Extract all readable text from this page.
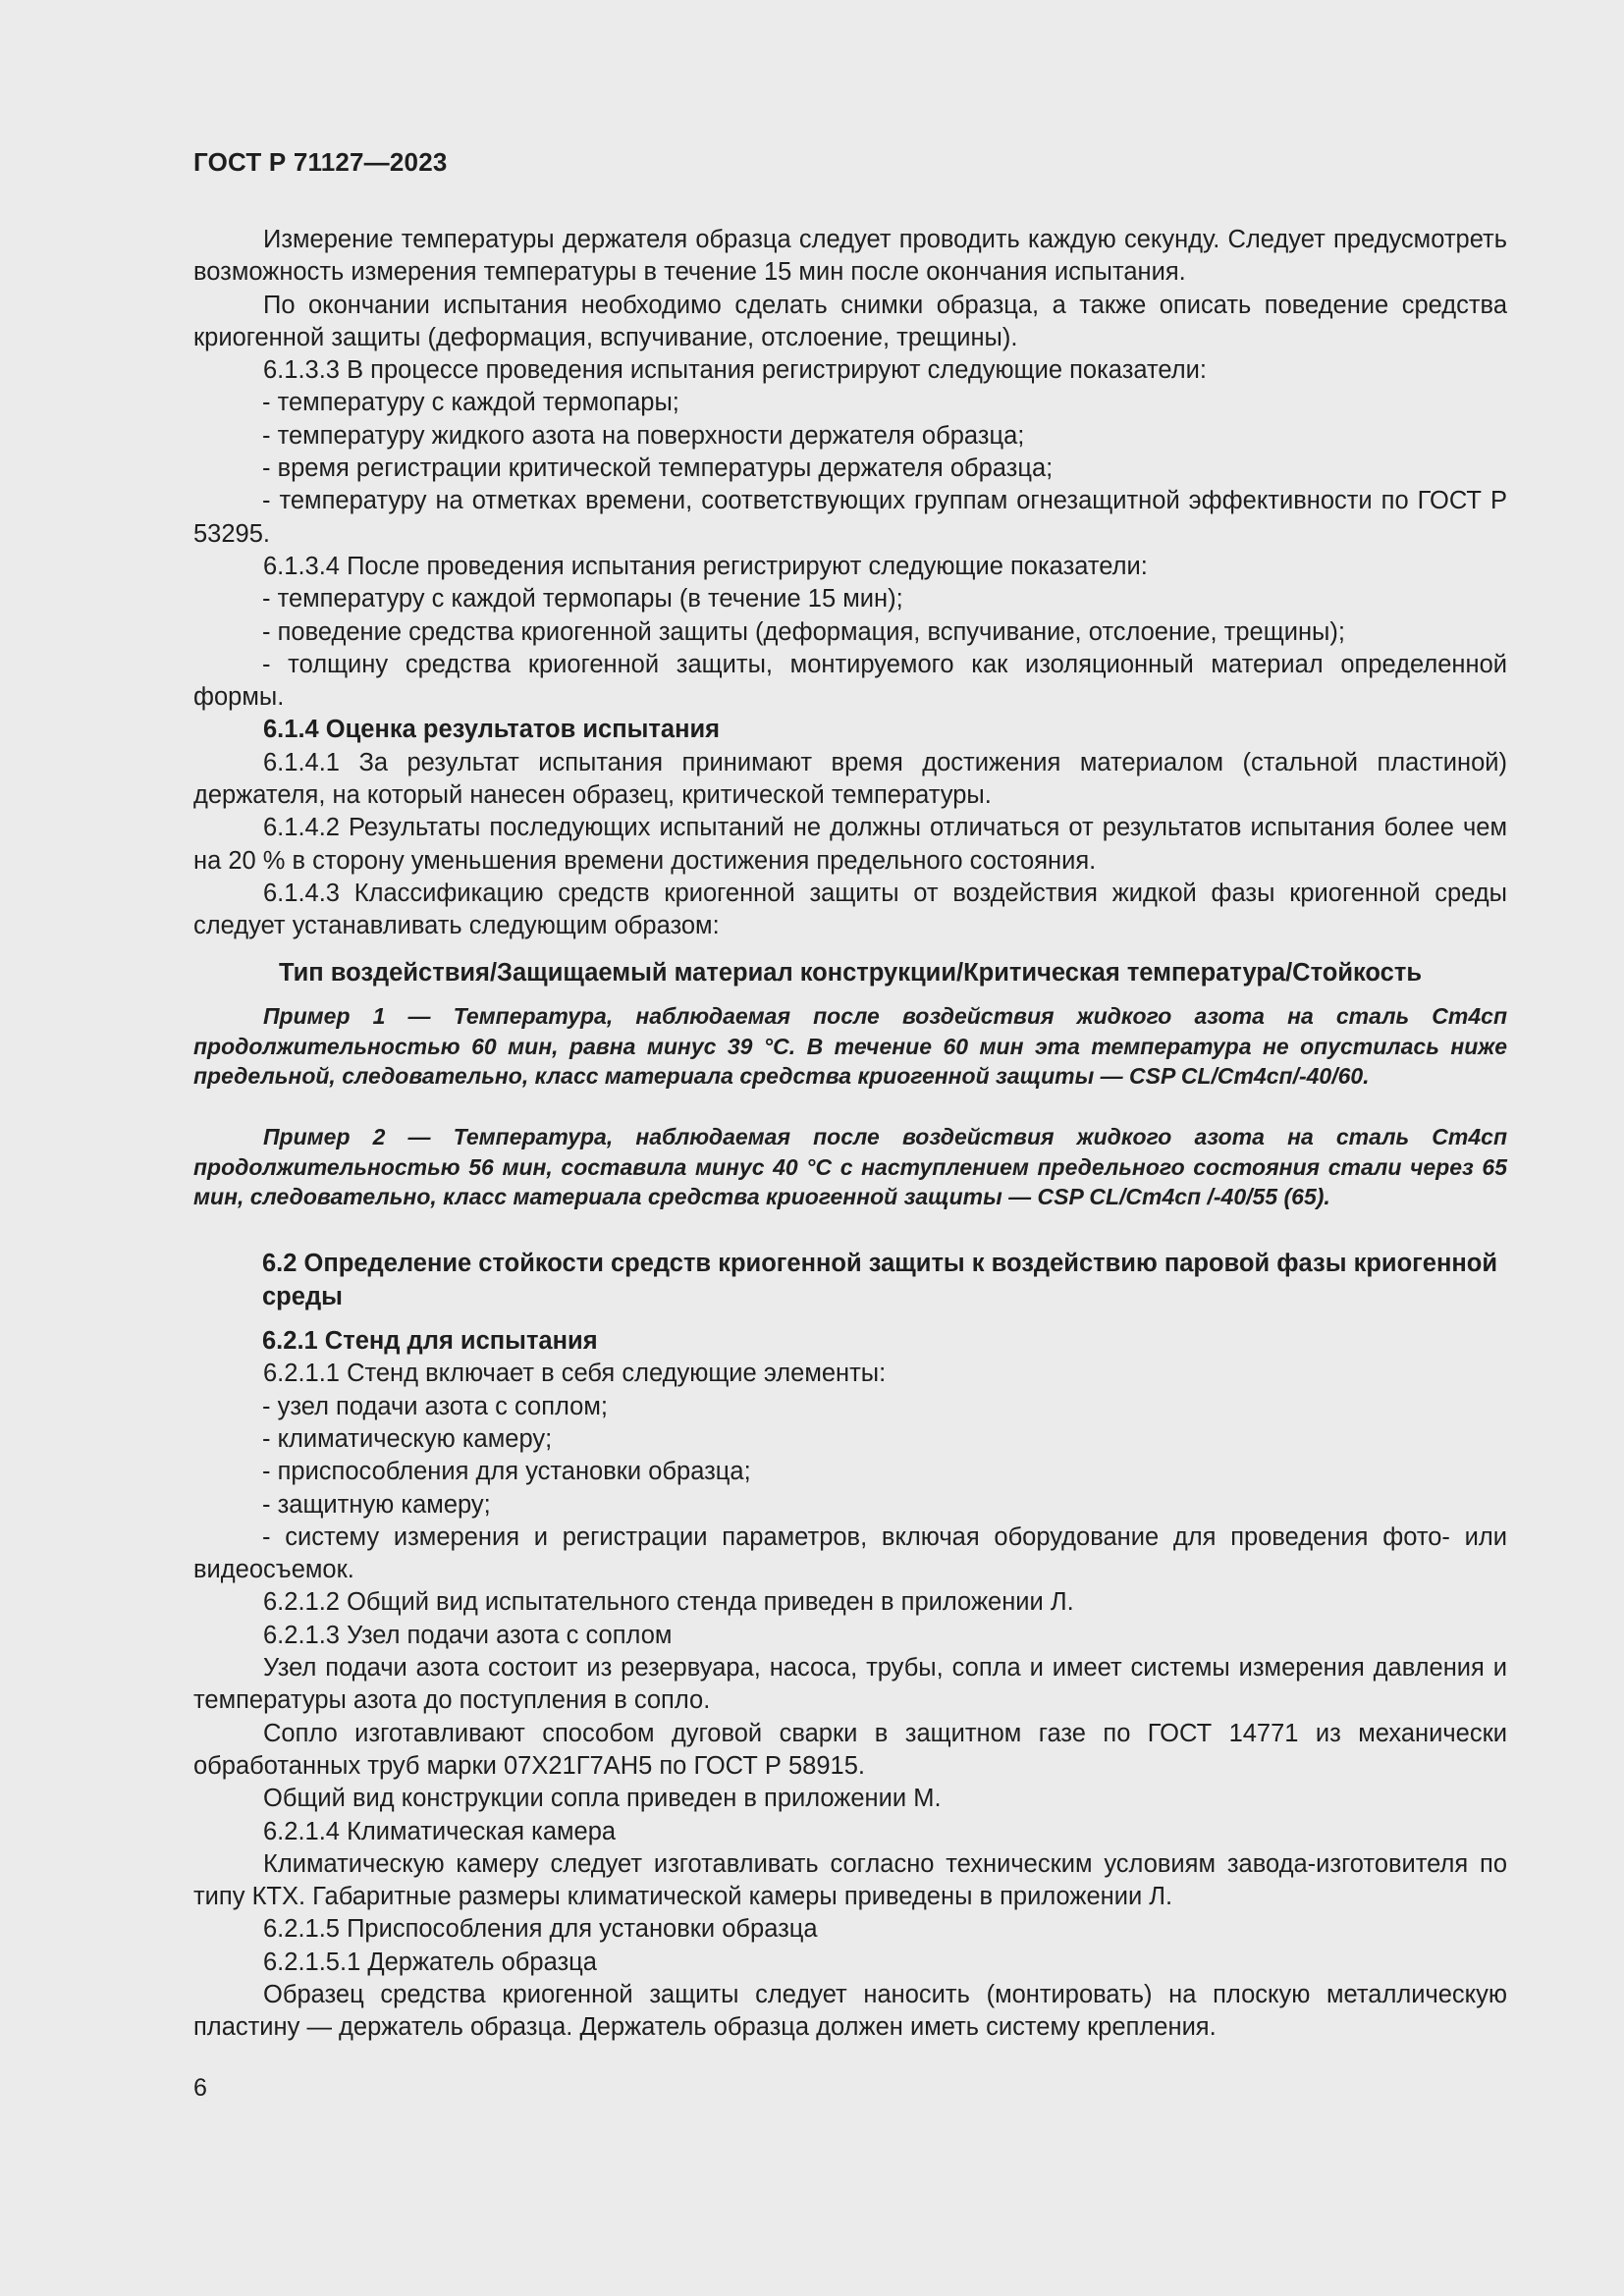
ГОСТ Р 71127—2023

Измерение температуры держателя образца следует проводить каждую секунду. Следует предусмотреть возможность измерения температуры в течение 15 мин после окончания испытания.

По окончании испытания необходимо сделать снимки образца, а также описать поведение средства криогенной защиты (деформация, вспучивание, отслоение, трещины).

6.1.3.3 В процессе проведения испытания регистрируют следующие показатели:

- температуру с каждой термопары;

- температуру жидкого азота на поверхности держателя образца;

- время регистрации критической температуры держателя образца;

- температуру на отметках времени, соответствующих группам огнезащитной эффективности по ГОСТ Р 53295.

6.1.3.4 После проведения испытания регистрируют следующие показатели:

- температуру с каждой термопары (в течение 15 мин);

- поведение средства криогенной защиты (деформация, вспучивание, отслоение, трещины);

- толщину средства криогенной защиты, монтируемого как изоляционный материал определенной формы.

6.1.4 Оценка результатов испытания

6.1.4.1 За результат испытания принимают время достижения материалом (стальной пластиной) держателя, на который нанесен образец, критической температуры.

6.1.4.2 Результаты последующих испытаний не должны отличаться от результатов испытания более чем на 20 % в сторону уменьшения времени достижения предельного состояния.

6.1.4.3 Классификацию средств криогенной защиты от воздействия жидкой фазы криогенной среды следует устанавливать следующим образом:

Тип воздействия/Защищаемый материал конструкции/Критическая температура/Стойкость

Пример 1 — Температура, наблюдаемая после воздействия жидкого азота на сталь Ст4сп продолжительностью 60 мин, равна минус 39 °С. В течение 60 мин эта температура не опустилась ниже предельной, следовательно, класс материала средства криогенной защиты — CSP CL/Ст4сп/-40/60.

Пример 2 — Температура, наблюдаемая после воздействия жидкого азота на сталь Ст4сп продолжительностью 56 мин, составила минус 40 °С с наступлением предельного состояния стали через 65 мин, следовательно, класс материала средства криогенной защиты — CSP CL/Ст4сп /-40/55 (65).

6.2 Определение стойкости средств криогенной защиты к воздействию паровой фазы криогенной среды

6.2.1 Стенд для испытания

6.2.1.1 Стенд включает в себя следующие элементы:

- узел подачи азота с соплом;

- климатическую камеру;

- приспособления для установки образца;

- защитную камеру;

- систему измерения и регистрации параметров, включая оборудование для проведения фото- или видеосъемок.

6.2.1.2 Общий вид испытательного стенда приведен в приложении Л.

6.2.1.3 Узел подачи азота с соплом

Узел подачи азота состоит из резервуара, насоса, трубы, сопла и имеет системы измерения давления и температуры азота до поступления в сопло.

Сопло изготавливают способом дуговой сварки в защитном газе по ГОСТ 14771 из механически обработанных труб марки 07Х21Г7АН5 по ГОСТ Р 58915.

Общий вид конструкции сопла приведен в приложении М.

6.2.1.4 Климатическая камера

Климатическую камеру следует изготавливать согласно техническим условиям завода-изготовителя по типу КТХ. Габаритные размеры климатической камеры приведены в приложении Л.

6.2.1.5 Приспособления для установки образца

6.2.1.5.1 Держатель образца

Образец средства криогенной защиты следует наносить (монтировать) на плоскую металлическую пластину — держатель образца. Держатель образца должен иметь систему крепления.

6
